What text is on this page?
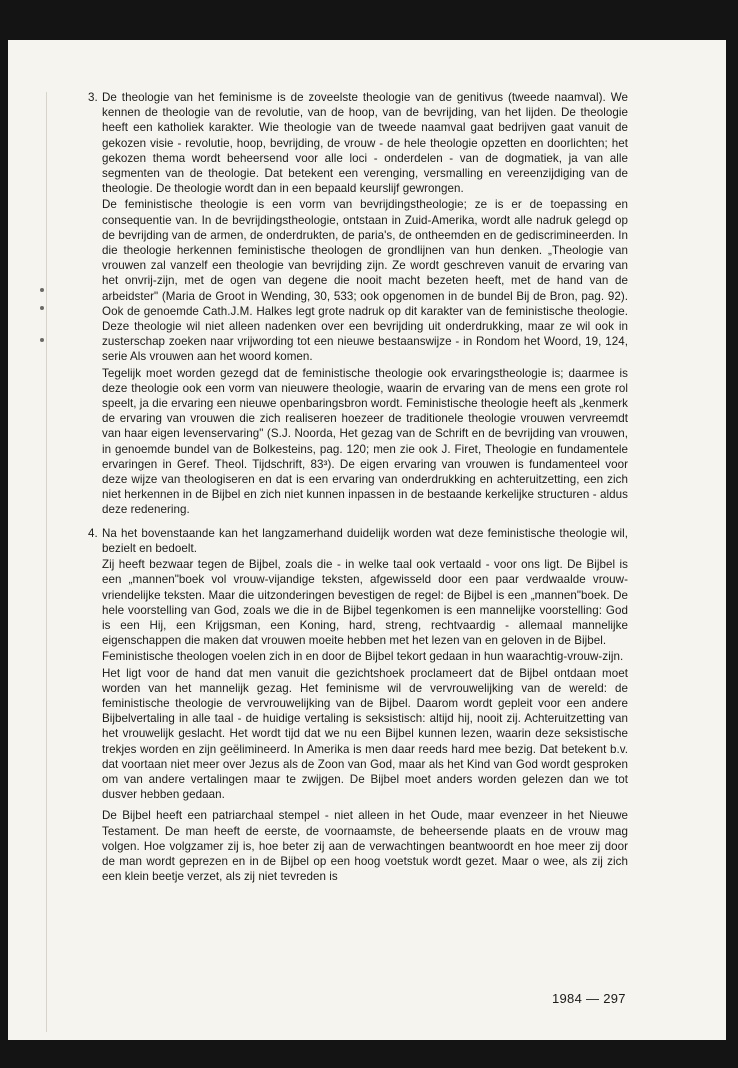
3. De theologie van het feminisme is de zoveelste theologie van de genitivus (tweede naamval). We kennen de theologie van de revolutie, van de hoop, van de bevrijding, van het lijden. De theologie heeft een katholiek karakter. Wie theologie van de tweede naamval gaat bedrijven gaat vanuit de gekozen visie - revolutie, hoop, bevrijding, de vrouw - de hele theologie opzetten en doorlichten; het gekozen thema wordt beheersend voor alle loci - onderdelen - van de dogmatiek, ja van alle segmenten van de theologie. Dat betekent een verenging, versmalling en vereenzijdiging van de theologie. De theologie wordt dan in een bepaald keurslijf gewrongen.

De feministische theologie is een vorm van bevrijdingstheologie; ze is er de toepassing en consequentie van. In de bevrijdingstheologie, ontstaan in Zuid-Amerika, wordt alle nadruk gelegd op de bevrijding van de armen, de onderdrukten, de paria's, de ontheemden en de gediscrimineerden. In die theologie herkennen feministische theologen de grondlijnen van hun denken. „Theologie van vrouwen zal vanzelf een theologie van bevrijding zijn. Ze wordt geschreven vanuit de ervaring van het onvrij-zijn, met de ogen van degene die nooit macht bezeten heeft, met de hand van de arbeidster" (Maria de Groot in Wending, 30, 533; ook opgenomen in de bundel Bij de Bron, pag. 92). Ook de genoemde Cath.J.M. Halkes legt grote nadruk op dit karakter van de feministische theologie. Deze theologie wil niet alleen nadenken over een bevrijding uit onderdrukking, maar ze wil ook in zusterschap zoeken naar vrijwording tot een nieuwe bestaanswijze - in Rondom het Woord, 19, 124, serie Als vrouwen aan het woord komen.

Tegelijk moet worden gezegd dat de feministische theologie ook ervaringstheologie is; daarmee is deze theologie ook een vorm van nieuwere theologie, waarin de ervaring van de mens een grote rol speelt, ja die ervaring een nieuwe openbaringsbron wordt. Feministische theologie heeft als „kenmerk de ervaring van vrouwen die zich realiseren hoezeer de traditionele theologie vrouwen vervreemdt van haar eigen levenservaring" (S.J. Noorda, Het gezag van de Schrift en de bevrijding van vrouwen, in genoemde bundel van de Bolkesteins, pag. 120; men zie ook J. Firet, Theologie en fundamentele ervaringen in Geref. Theol. Tijdschrift, 83³). De eigen ervaring van vrouwen is fundamenteel voor deze wijze van theologiseren en dat is een ervaring van onderdrukking en achteruitzetting, een zich niet herkennen in de Bijbel en zich niet kunnen inpassen in de bestaande kerkelijke structuren - aldus deze redenering.

4. Na het bovenstaande kan het langzamerhand duidelijk worden wat deze feministische theologie wil, bezielt en bedoelt.

Zij heeft bezwaar tegen de Bijbel, zoals die - in welke taal ook vertaald - voor ons ligt. De Bijbel is een „mannen"boek vol vrouw-vijandige teksten, afgewisseld door een paar verdwaalde vrouw-vriendelijke teksten. Maar die uitzonderingen bevestigen de regel: de Bijbel is een „mannen"boek. De hele voorstelling van God, zoals we die in de Bijbel tegenkomen is een mannelijke voorstelling: God is een Hij, een Krijgsman, een Koning, hard, streng, rechtvaardig - allemaal mannelijke eigenschappen die maken dat vrouwen moeite hebben met het lezen van en geloven in de Bijbel.

Feministische theologen voelen zich in en door de Bijbel tekort gedaan in hun waarachtig-vrouw-zijn.

Het ligt voor de hand dat men vanuit die gezichtshoek proclameert dat de Bijbel ontdaan moet worden van het mannelijk gezag. Het feminisme wil de vervrouwelijking van de wereld: de feministische theologie de vervrouwelijking van de Bijbel. Daarom wordt gepleit voor een andere Bijbelvertaling in alle taal - de huidige vertaling is seksistisch: altijd hij, nooit zij. Achteruitzetting van het vrouwelijk geslacht. Het wordt tijd dat we nu een Bijbel kunnen lezen, waarin deze seksistische trekjes worden en zijn geëlimineerd. In Amerika is men daar reeds hard mee bezig. Dat betekent b.v. dat voortaan niet meer over Jezus als de Zoon van God, maar als het Kind van God wordt gesproken om van andere vertalingen maar te zwijgen. De Bijbel moet anders worden gelezen dan we tot dusver hebben gedaan.

De Bijbel heeft een patriarchaal stempel - niet alleen in het Oude, maar evenzeer in het Nieuwe Testament. De man heeft de eerste, de voornaamste, de beheersende plaats en de vrouw mag volgen. Hoe volgzamer zij is, hoe beter zij aan de verwachtingen beantwoordt en hoe meer zij door de man wordt geprezen en in de Bijbel op een hoog voetstuk wordt gezet. Maar o wee, als zij zich een klein beetje verzet, als zij niet tevreden is

1984 — 297
